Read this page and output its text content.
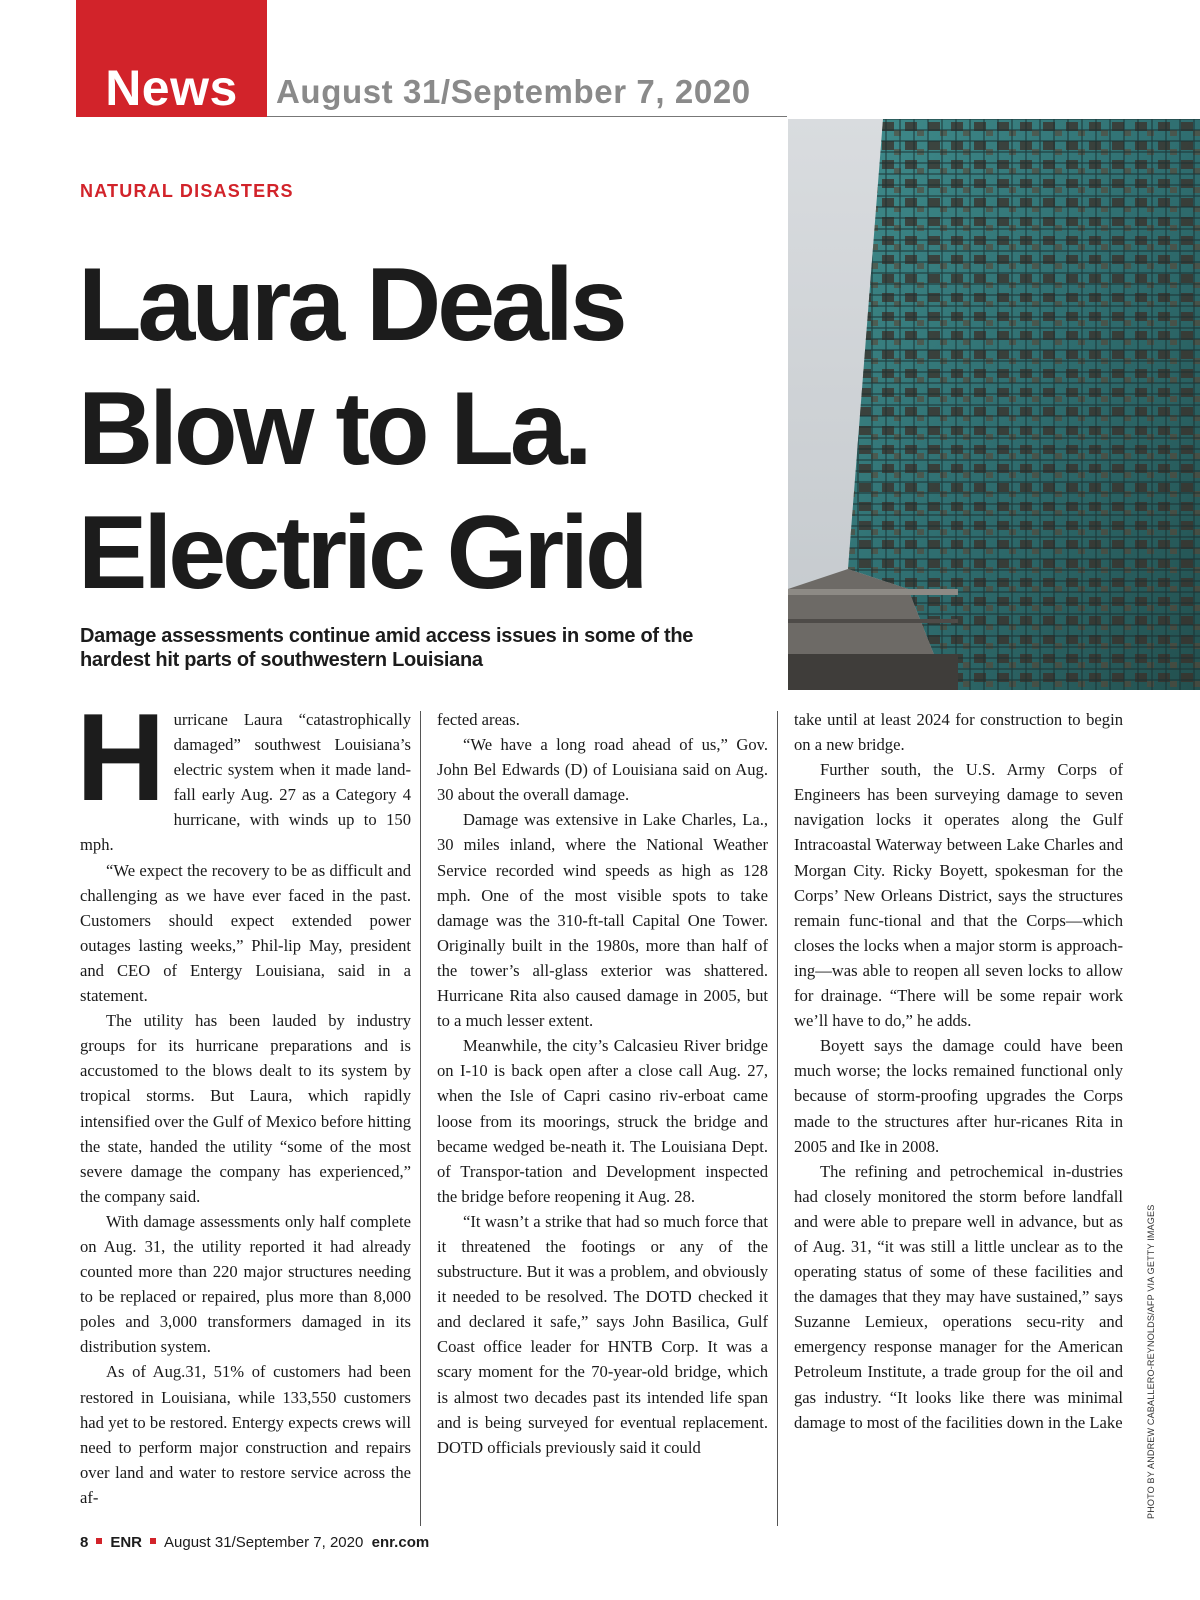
News August 31/September 7, 2020
NATURAL DISASTERS
Laura Deals
Blow to La.
Electric Grid
Damage assessments continue amid access issues in some of the hardest hit parts of southwestern Louisiana
PHOTO BY ANDREW CABALLERO-REYNOLDS/AFP VIA GETTY IMAGES

Hurricane Laura “catastrophically damaged” southwest Louisiana’s electric system when it made land-fall early Aug. 27 as a Category 4 hurricane, with winds up to 150 mph.

“We expect the recovery to be as difficult and challenging as we have ever faced in the past. Customers should expect extended power outages lasting weeks,” Phil-lip May, president and CEO of Entergy Louisiana, said in a statement.

The utility has been lauded by industry groups for its hurricane preparations and is accustomed to the blows dealt to its system by tropical storms. But Laura, which rapidly intensified over the Gulf of Mexico before hitting the state, handed the utility “some of the most severe damage the company has experienced,” the company said.

With damage assessments only half complete on Aug. 31, the utility reported it had already counted more than 220 major structures needing to be replaced or repaired, plus more than 8,000 poles and 3,000 transformers damaged in its distribution system.

As of Aug.31, 51% of customers had been restored in Louisiana, while 133,550 customers had yet to be restored. Entergy expects crews will need to perform major construction and repairs over land and water to restore service across the af-

fected areas.

“We have a long road ahead of us,” Gov. John Bel Edwards (D) of Louisiana said on Aug. 30 about the overall damage.

Damage was extensive in Lake Charles, La., 30 miles inland, where the National Weather Service recorded wind speeds as high as 128 mph. One of the most visible spots to take damage was the 310-ft-tall Capital One Tower. Originally built in the 1980s, more than half of the tower’s all-glass exterior was shattered. Hurricane Rita also caused damage in 2005, but to a much lesser extent.

Meanwhile, the city’s Calcasieu River bridge on I-10 is back open after a close call Aug. 27, when the Isle of Capri casino riv-erboat came loose from its moorings, struck the bridge and became wedged be-neath it. The Louisiana Dept. of Transpor-tation and Development inspected the bridge before reopening it Aug. 28.

“It wasn’t a strike that had so much force that it threatened the footings or any of the substructure. But it was a problem, and obviously it needed to be resolved. The DOTD checked it and declared it safe,” says John Basilica, Gulf Coast office leader for HNTB Corp. It was a scary moment for the 70-year-old bridge, which is almost two decades past its intended life span and is being surveyed for eventual replacement. DOTD officials previously said it could

take until at least 2024 for construction to begin on a new bridge.

Further south, the U.S. Army Corps of Engineers has been surveying damage to seven navigation locks it operates along the Gulf Intracoastal Waterway between Lake Charles and Morgan City. Ricky Boyett, spokesman for the Corps’ New Orleans District, says the structures remain func-tional and that the Corps—which closes the locks when a major storm is approach-ing—was able to reopen all seven locks to allow for drainage. “There will be some repair work we’ll have to do,” he adds.

Boyett says the damage could have been much worse; the locks remained functional only because of storm-proofing upgrades the Corps made to the structures after hur-ricanes Rita in 2005 and Ike in 2008.

The refining and petrochemical in-dustries had closely monitored the storm before landfall and were able to prepare well in advance, but as of Aug. 31, “it was still a little unclear as to the operating status of some of these facilities and the damages that they may have sustained,” says Suzanne Lemieux, operations secu-rity and emergency response manager for the American Petroleum Institute, a trade group for the oil and gas industry. “It looks like there was minimal damage to most of the facilities down in the Lake

8 ENR August 31/September 7, 2020 enr.com
